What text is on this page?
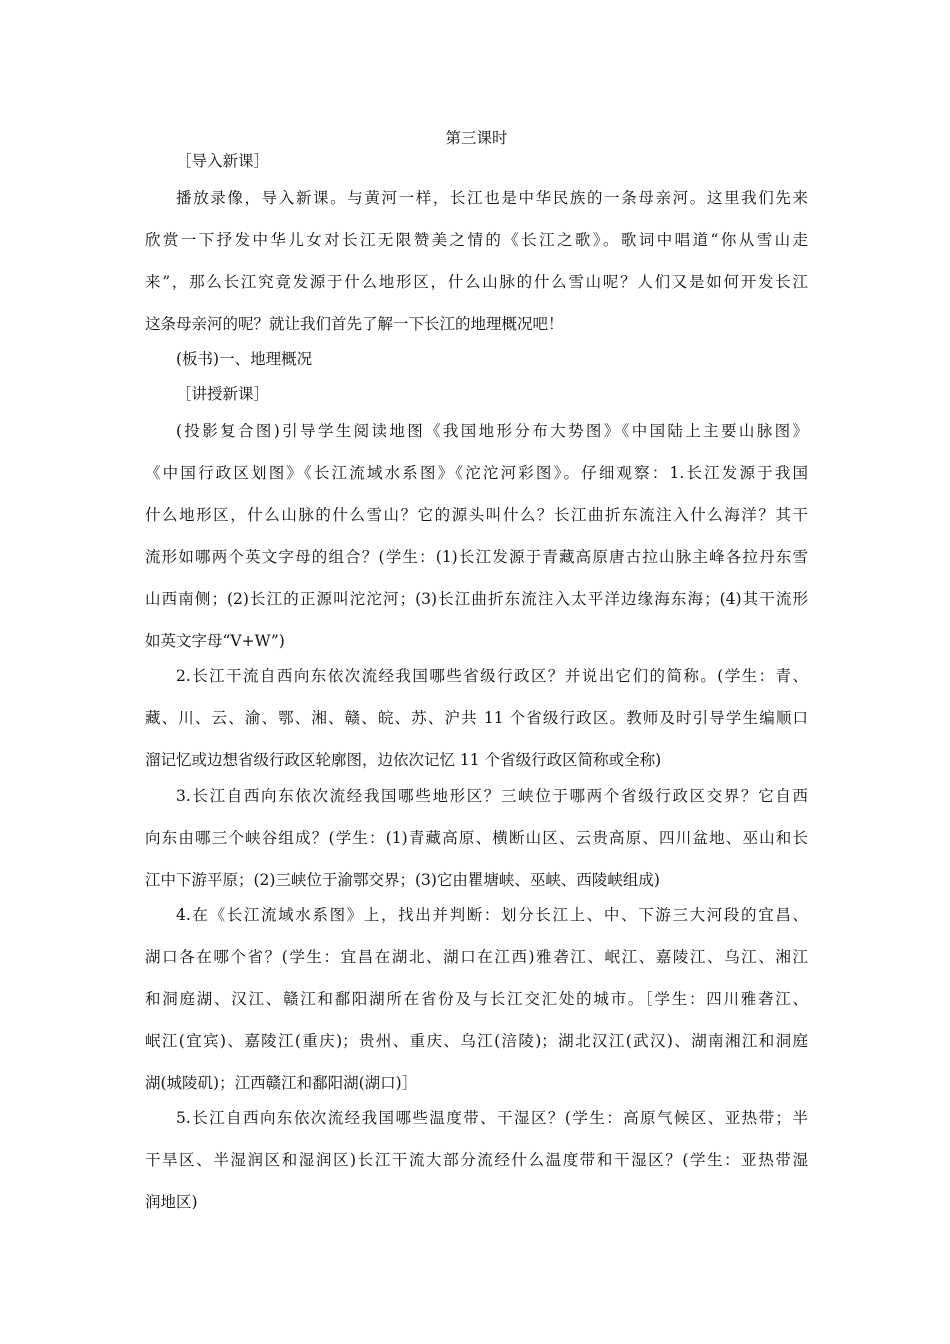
第三课时
［导入新课］
播放录像，导入新课。与黄河一样，长江也是中华民族的一条母亲河。这里我们先来
欣赏一下抒发中华儿女对长江无限赞美之情的《长江之歌》。歌词中唱道“你从雪山走
来”，那么长江究竟发源于什么地形区，什么山脉的什么雪山呢？人们又是如何开发长江
这条母亲河的呢？就让我们首先了解一下长江的地理概况吧！
(板书)一、地理概况
［讲授新课］
(投影复合图)引导学生阅读地图《我国地形分布大势图》《中国陆上主要山脉图》
《中国行政区划图》《长江流域水系图》《沱沱河彩图》。仔细观察：1.长江发源于我国
什么地形区，什么山脉的什么雪山？它的源头叫什么？长江曲折东流注入什么海洋？其干
流形如哪两个英文字母的组合？(学生：(1)长江发源于青藏高原唐古拉山脉主峰各拉丹东雪
山西南侧；(2)长江的正源叫沱沱河；(3)长江曲折东流注入太平洋边缘海东海；(4)其干流形
如英文字母“V+W”)
2.长江干流自西向东依次流经我国哪些省级行政区？并说出它们的简称。(学生：青、
藏、川、云、渝、鄂、湘、赣、皖、苏、沪共 11 个省级行政区。教师及时引导学生编顺口
溜记忆或边想省级行政区轮廓图，边依次记忆 11 个省级行政区简称或全称)
3.长江自西向东依次流经我国哪些地形区？三峡位于哪两个省级行政区交界？它自西
向东由哪三个峡谷组成？(学生：(1)青藏高原、横断山区、云贵高原、四川盆地、巫山和长
江中下游平原；(2)三峡位于渝鄂交界；(3)它由瞿塘峡、巫峡、西陵峡组成)
4.在《长江流域水系图》上，找出并判断：划分长江上、中、下游三大河段的宜昌、
湖口各在哪个省？(学生：宜昌在湖北、湖口在江西)雅砻江、岷江、嘉陵江、乌江、湘江
和洞庭湖、汉江、赣江和鄱阳湖所在省份及与长江交汇处的城市。［学生：四川雅砻江、
岷江(宜宾)、嘉陵江(重庆)；贵州、重庆、乌江(涪陵)；湖北汉江(武汉)、湖南湘江和洞庭
湖(城陵矶)；江西赣江和鄱阳湖(湖口)］
5.长江自西向东依次流经我国哪些温度带、干湿区？(学生：高原气候区、亚热带；半
干旱区、半湿润区和湿润区)长江干流大部分流经什么温度带和干湿区？(学生：亚热带湿
润地区)
